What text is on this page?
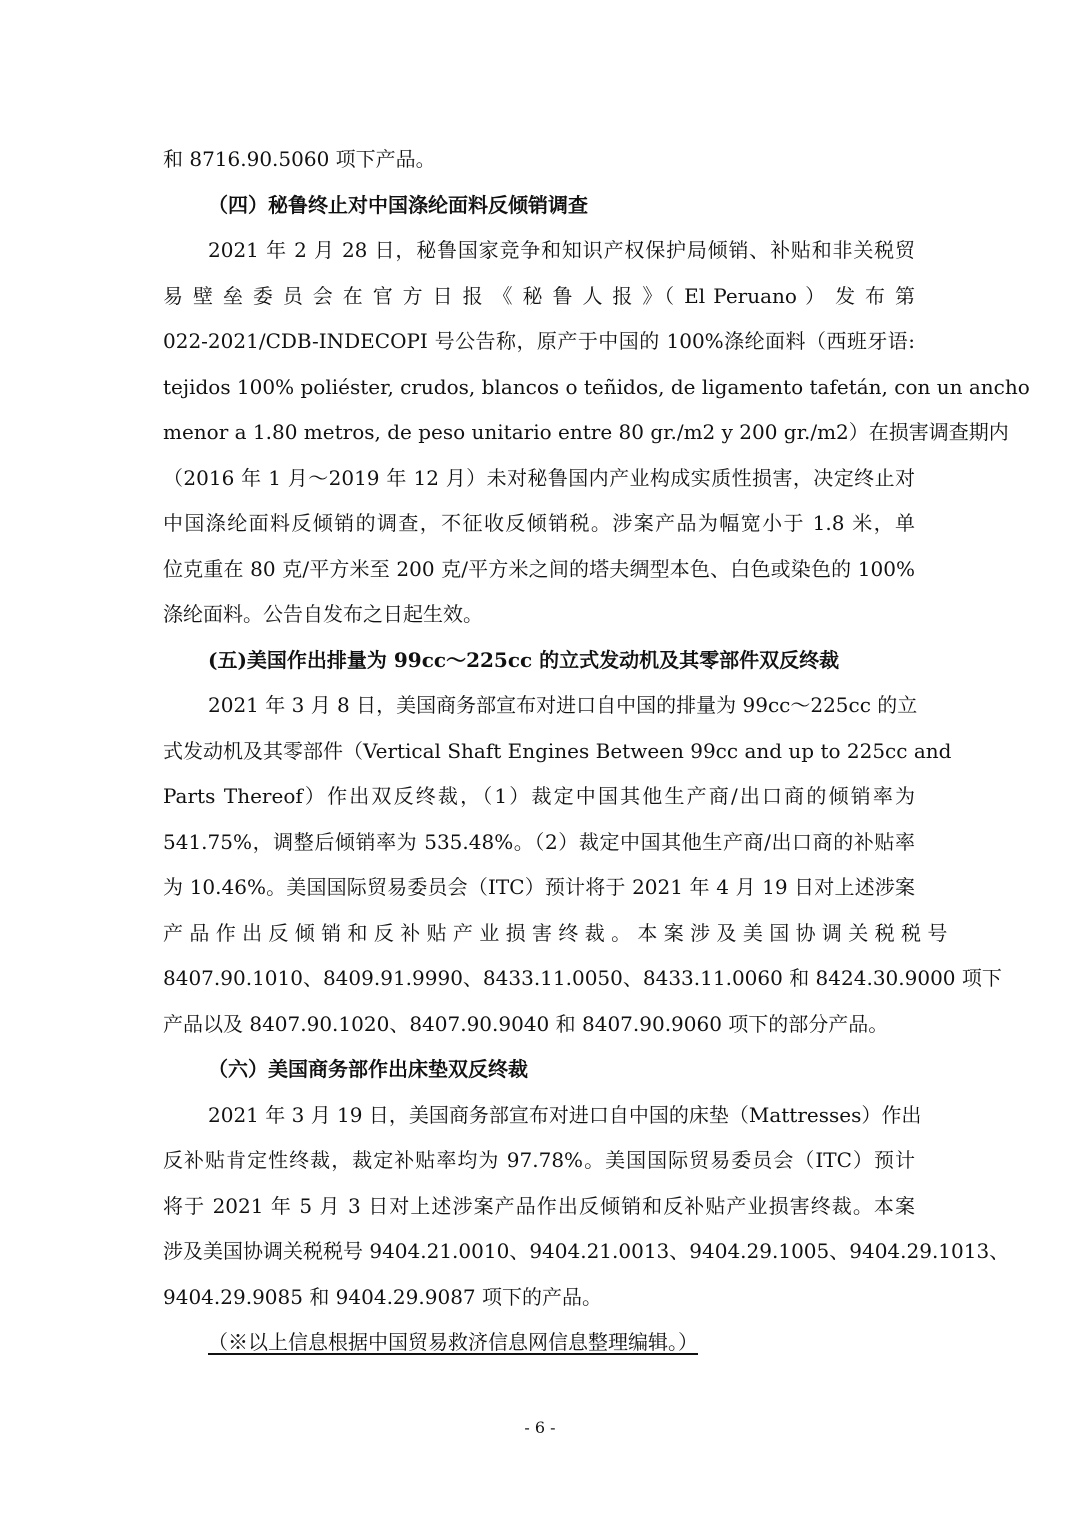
和 8716.90.5060 项下产品。
（四）秘鲁终止对中国涤纶面料反倾销调查
2021 年 2 月 28 日，秘鲁国家竞争和知识产权保护局倾销、补贴和非关税贸
易 壁 垒 委 员 会 在 官 方 日 报 《 秘 鲁 人 报 》（ El Peruano ） 发 布 第
022-2021/CDB-INDECOPI 号公告称，原产于中国的 100%涤纶面料（西班牙语:
tejidos 100% poliéster, crudos, blancos o teñidos, de ligamento tafetán, con un ancho
menor a 1.80 metros, de peso unitario entre 80 gr./m2 y 200 gr./m2）在损害调查期内
（2016 年 1 月～2019 年 12 月）未对秘鲁国内产业构成实质性损害，决定终止对
中国涤纶面料反倾销的调查，不征收反倾销税。涉案产品为幅宽小于 1.8 米，单
位克重在 80 克/平方米至 200 克/平方米之间的塔夫绸型本色、白色或染色的 100%
涤纶面料。公告自发布之日起生效。
(五)美国作出排量为 99cc～225cc 的立式发动机及其零部件双反终裁
2021 年 3 月 8 日，美国商务部宣布对进口自中国的排量为 99cc～225cc 的立
式发动机及其零部件（Vertical Shaft Engines Between 99cc and up to 225cc and
Parts Thereof）作出双反终裁，（1）裁定中国其他生产商/出口商的倾销率为
541.75%，调整后倾销率为 535.48%。（2）裁定中国其他生产商/出口商的补贴率
为 10.46%。美国国际贸易委员会（ITC）预计将于 2021 年 4 月 19 日对上述涉案
产 品 作 出 反 倾 销 和 反 补 贴 产 业 损 害 终 裁 。 本 案 涉 及 美 国 协 调 关 税 税 号
8407.90.1010、8409.91.9990、8433.11.0050、8433.11.0060 和 8424.30.9000 项下
产品以及 8407.90.1020、8407.90.9040 和 8407.90.9060 项下的部分产品。
（六）美国商务部作出床垫双反终裁
2021 年 3 月 19 日，美国商务部宣布对进口自中国的床垫（Mattresses）作出
反补贴肯定性终裁，裁定补贴率均为 97.78%。美国国际贸易委员会（ITC）预计
将于 2021 年 5 月 3 日对上述涉案产品作出反倾销和反补贴产业损害终裁。本案
涉及美国协调关税税号 9404.21.0010、9404.21.0013、9404.29.1005、9404.29.1013、
9404.29.9085 和 9404.29.9087 项下的产品。
（※以上信息根据中国贸易救济信息网信息整理编辑。）
- 6 -
